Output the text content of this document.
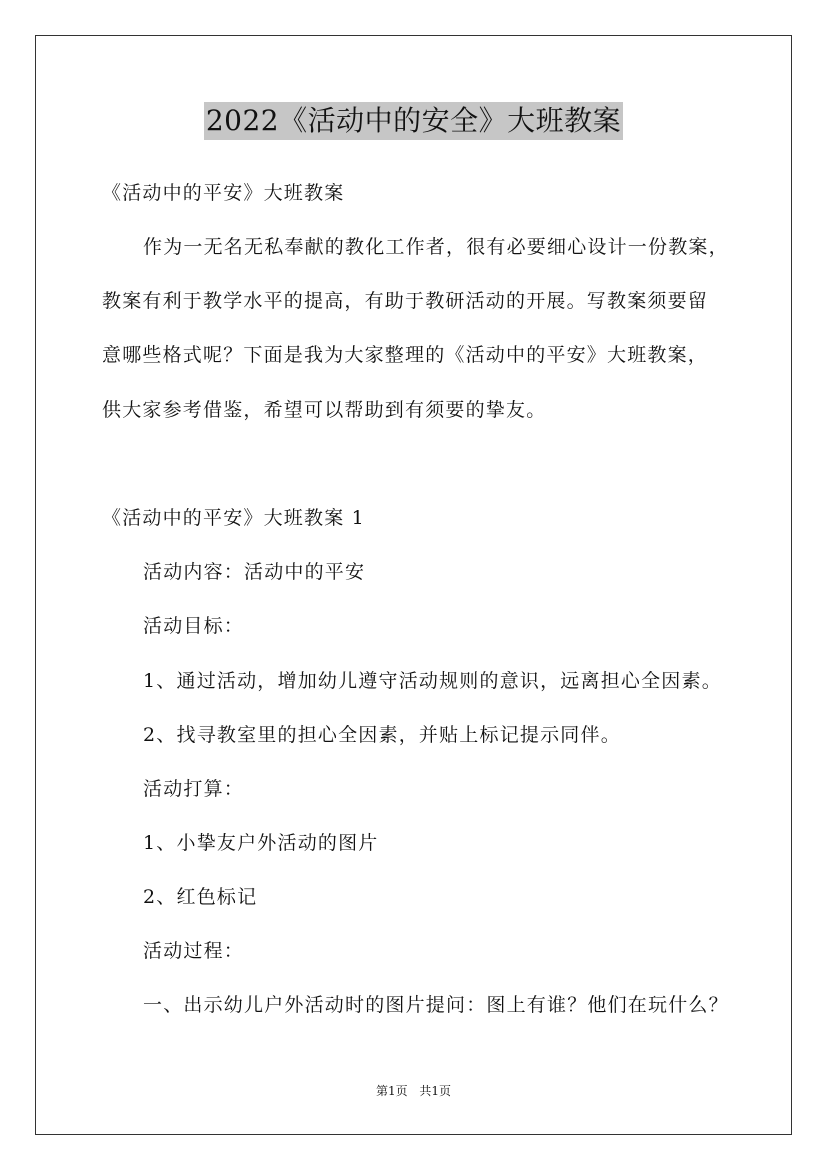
2022《活动中的安全》大班教案
《活动中的平安》大班教案
作为一无名无私奉献的教化工作者，很有必要细心设计一份教案，
教案有利于教学水平的提高，有助于教研活动的开展。写教案须要留
意哪些格式呢？下面是我为大家整理的《活动中的平安》大班教案，
供大家参考借鉴，希望可以帮助到有须要的挚友。
《活动中的平安》大班教案 1
活动内容：活动中的平安
活动目标：
1、通过活动，增加幼儿遵守活动规则的意识，远离担心全因素。
2、找寻教室里的担心全因素，并贴上标记提示同伴。
活动打算：
1、小挚友户外活动的图片
2、红色标记
活动过程：
一、出示幼儿户外活动时的图片提问：图上有谁？他们在玩什么？
第1页 共1页
